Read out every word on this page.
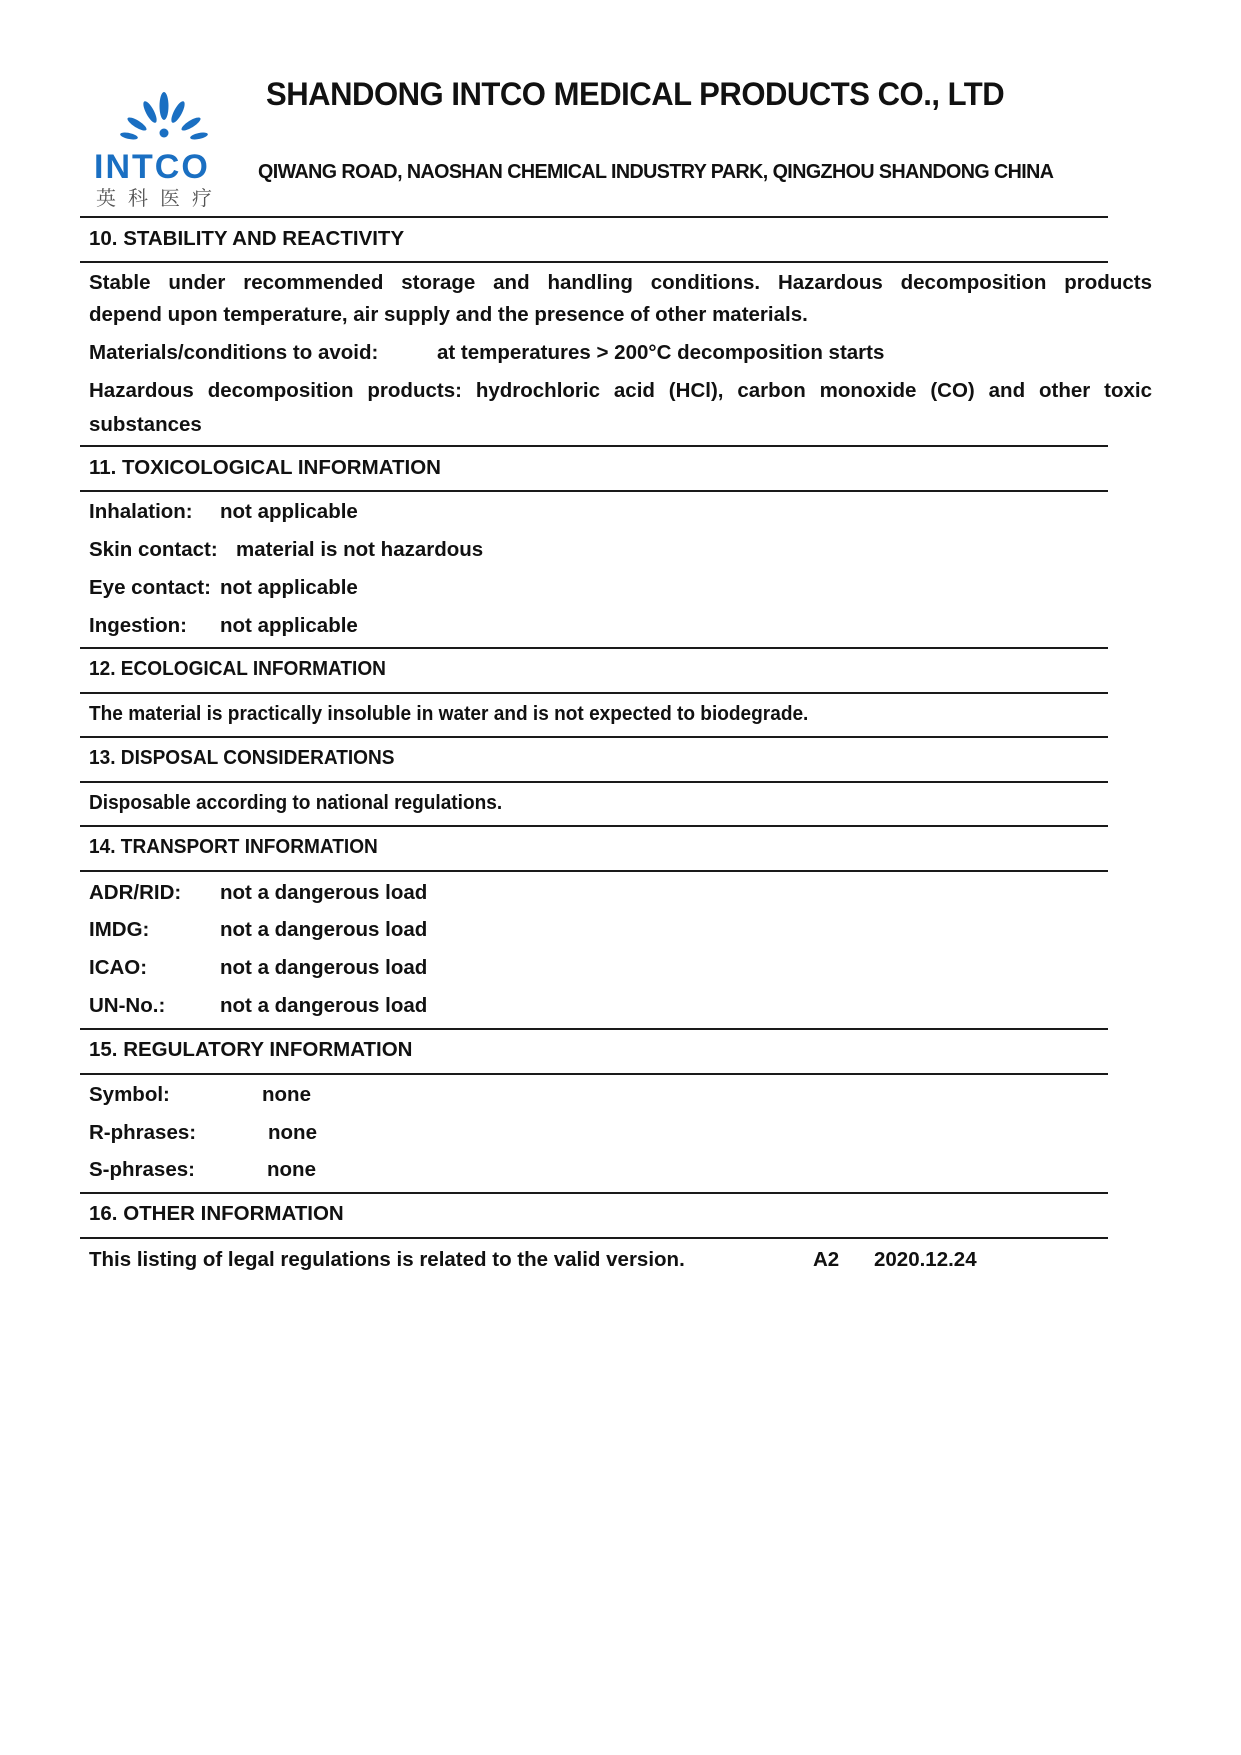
INTCO
英科医疗
SHANDONG INTCO MEDICAL PRODUCTS CO., LTD
QIWANG ROAD, NAOSHAN CHEMICAL INDUSTRY PARK, QINGZHOU SHANDONG CHINA
10. STABILITY AND REACTIVITY
Stable under recommended storage and handling conditions. Hazardous decomposition products
depend upon temperature, air supply and the presence of other materials.
Materials/conditions to avoid:	at temperatures > 200°C decomposition starts
Hazardous decomposition products: hydrochloric acid (HCl), carbon monoxide (CO) and other toxic
substances
11. TOXICOLOGICAL INFORMATION
Inhalation: not applicable
Skin contact: material is not hazardous
Eye contact: not applicable
Ingestion: not applicable
12. ECOLOGICAL INFORMATION
The material is practically insoluble in water and is not expected to biodegrade.
13. DISPOSAL CONSIDERATIONS
Disposable according to national regulations.
14. TRANSPORT INFORMATION
ADR/RID: not a dangerous load
IMDG:	not a dangerous load
ICAO:	not a dangerous load
UN-No.:	not a dangerous load
15. REGULATORY INFORMATION
Symbol:	none
R-phrases:	none
S-phrases:	none
16. OTHER INFORMATION
This listing of legal regulations is related to the valid version.	A2 2020.12.24
